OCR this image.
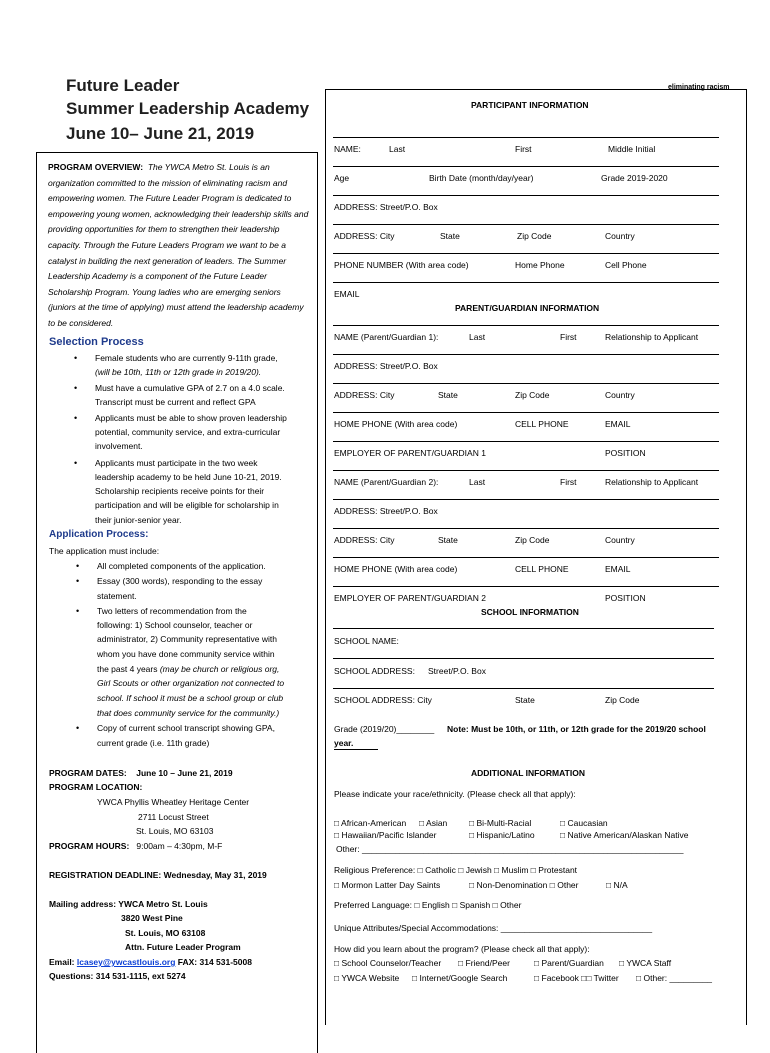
Future Leader
Summer Leadership Academy
June 10– June 21, 2019
eliminating racism
PROGRAM OVERVIEW: The YWCA Metro St. Louis is an organization committed to the mission of eliminating racism and empowering women. The Future Leader Program is dedicated to empowering young women, acknowledging their leadership skills and providing opportunities for them to strengthen their leadership capacity. Through the Future Leaders Program we want to be a catalyst in building the next generation of leaders. The Summer Leadership Academy is a component of the Future Leader Scholarship Program. Young ladies who are emerging seniors (juniors at the time of applying) must attend the leadership academy to be considered.
Selection Process
• Female students who are currently 9-11th grade,
(will be 10th, 11th or 12th grade in 2019/20).
• Must have a cumulative GPA of 2.7 on a 4.0 scale.
Transcript must be current and reflect GPA
• Applicants must be able to show proven leadership
potential, community service, and extra-curricular
involvement.
• Applicants must participate in the two week
leadership academy to be held June 10-21, 2019.
Scholarship recipients receive points for their
participation and will be eligible for scholarship in
their junior-senior year.
Application Process:
The application must include:
• All completed components of the application.
• Essay (300 words), responding to the essay
statement.
• Two letters of recommendation from the
following: 1) School counselor, teacher or
administrator, 2) Community representative with
whom you have done community service within
the past 4 years (may be church or religious org,
Girl Scouts or other organization not connected to
school. If school it must be a school group or club
that does community service for the community.)
• Copy of current school transcript showing GPA,
current grade (i.e. 11th grade)
PROGRAM DATES: June 10 – June 21, 2019
PROGRAM LOCATION:
YWCA Phyllis Wheatley Heritage Center
2711 Locust Street
St. Louis, MO 63103
PROGRAM HOURS: 9:00am – 4:30pm, M-F
REGISTRATION DEADLINE: Wednesday, May 31, 2019
Mailing address: YWCA Metro St. Louis
3820 West Pine
St. Louis, MO 63108
Attn. Future Leader Program
Email: lcasey@ywcastlouis.org FAX: 314 531-5008
Questions: 314 531-1115, ext 5274
PARTICIPANT INFORMATION
NAME:	Last	First	Middle Initial
Age	Birth Date (month/day/year)	Grade 2019-2020
ADDRESS: Street/P.O. Box
ADDRESS: City	State	Zip Code	Country
PHONE NUMBER (With area code)	Home Phone	Cell Phone
EMAIL
PARENT/GUARDIAN INFORMATION
NAME (Parent/Guardian 1):	Last	First	Relationship to Applicant
ADDRESS: Street/P.O. Box
ADDRESS: City	State	Zip Code	Country
HOME PHONE (With area code)	CELL PHONE	EMAIL
EMPLOYER OF PARENT/GUARDIAN 1	POSITION
NAME (Parent/Guardian 2):	Last	First	Relationship to Applicant
ADDRESS: Street/P.O. Box
ADDRESS: City	State	Zip Code	Country
HOME PHONE (With area code)	CELL PHONE	EMAIL
EMPLOYER OF PARENT/GUARDIAN 2	POSITION
SCHOOL INFORMATION
SCHOOL NAME:
SCHOOL ADDRESS: Street/P.O. Box
SCHOOL ADDRESS: City	State	Zip Code
Grade (2019/20)________ Note: Must be 10th, or 11th, or 12th grade for the 2019/20 school
year.
ADDITIONAL INFORMATION
Please indicate your race/ethnicity. (Please check all that apply):
□ African-American □ Asian	□ Bi-Multi-Racial	□ Caucasian
□ Hawaiian/Pacific Islander	□ Hispanic/Latino	□ Native American/Alaskan Native
Other: ____________________________________________________________________
Religious Preference: □ Catholic □ Jewish □ Muslim □ Protestant
□ Mormon Latter Day Saints	□ Non-Denomination □ Other	□ N/A
Preferred Language: □ English □ Spanish □ Other
Unique Attributes/Special Accommodations: ________________________________
How did you learn about the program? (Please check all that apply):
□ School Counselor/Teacher □ Friend/Peer	□ Parent/Guardian □ YWCA Staff
□ YWCA Website □ Internet/Google Search	□ Facebook □□ Twitter □ Other: _________
